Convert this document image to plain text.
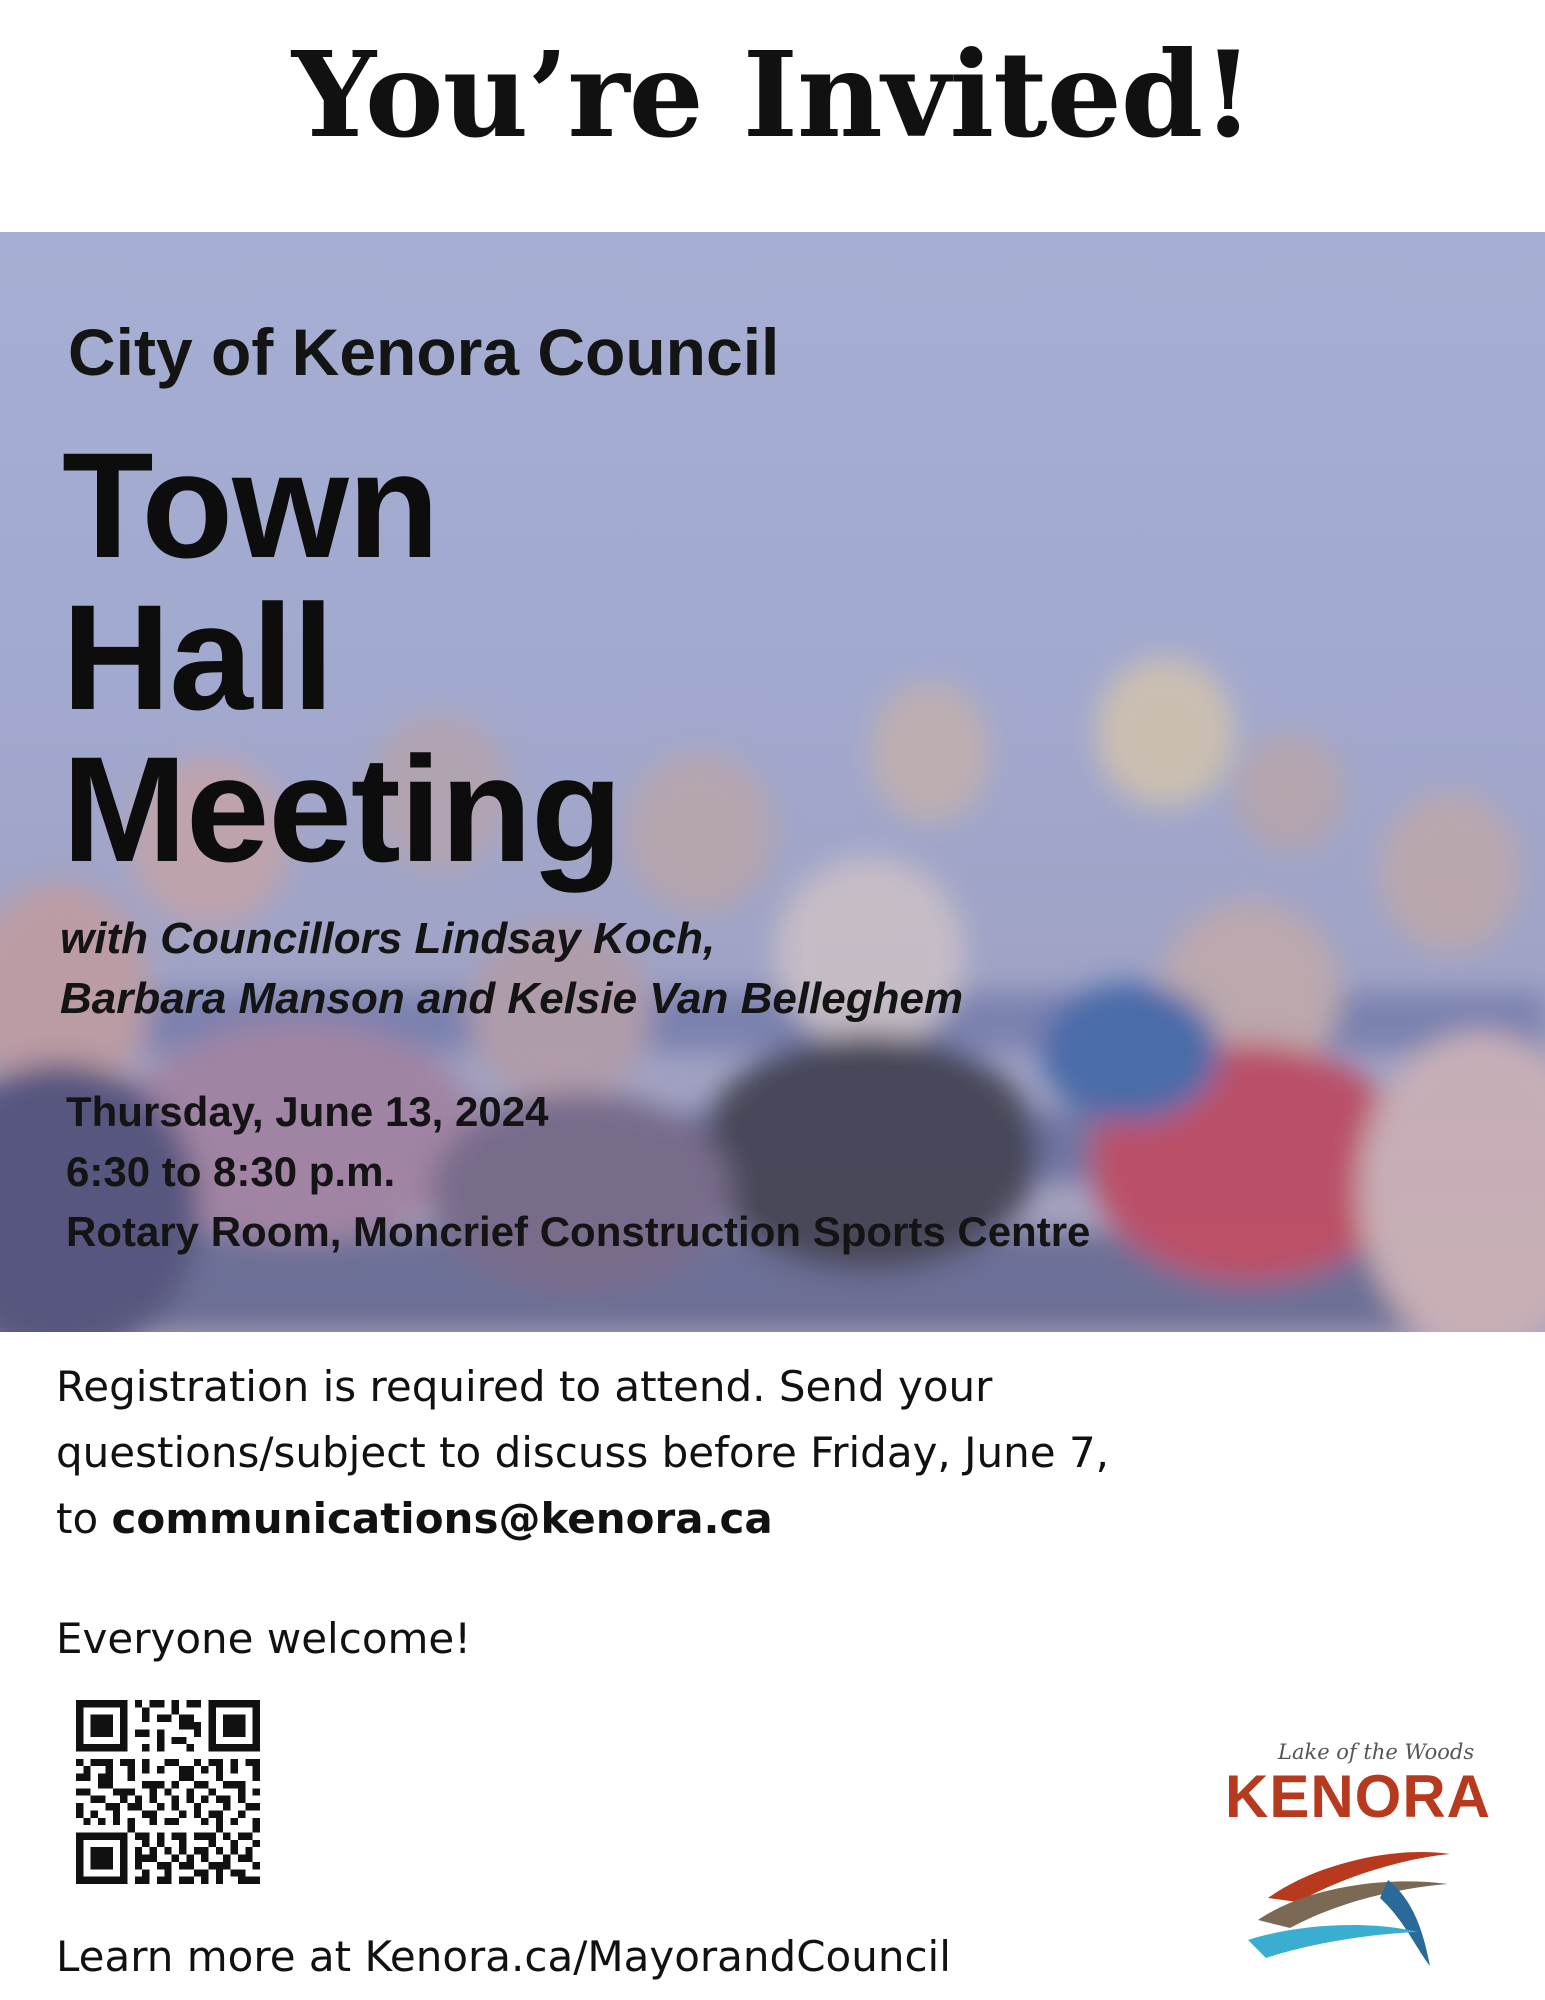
You’re Invited!
City of Kenora Council
Town
Hall
Meeting
with Councillors Lindsay Koch,
Barbara Manson and Kelsie Van Belleghem
Thursday, June 13, 2024
6:30 to 8:30 p.m.
Rotary Room, Moncrief Construction Sports Centre
Registration is required to attend. Send your
questions/subject to discuss before Friday, June 7,
to communications@kenora.ca
Everyone welcome!
Learn more at Kenora.ca/MayorandCouncil
Lake of the Woods
KENORA
